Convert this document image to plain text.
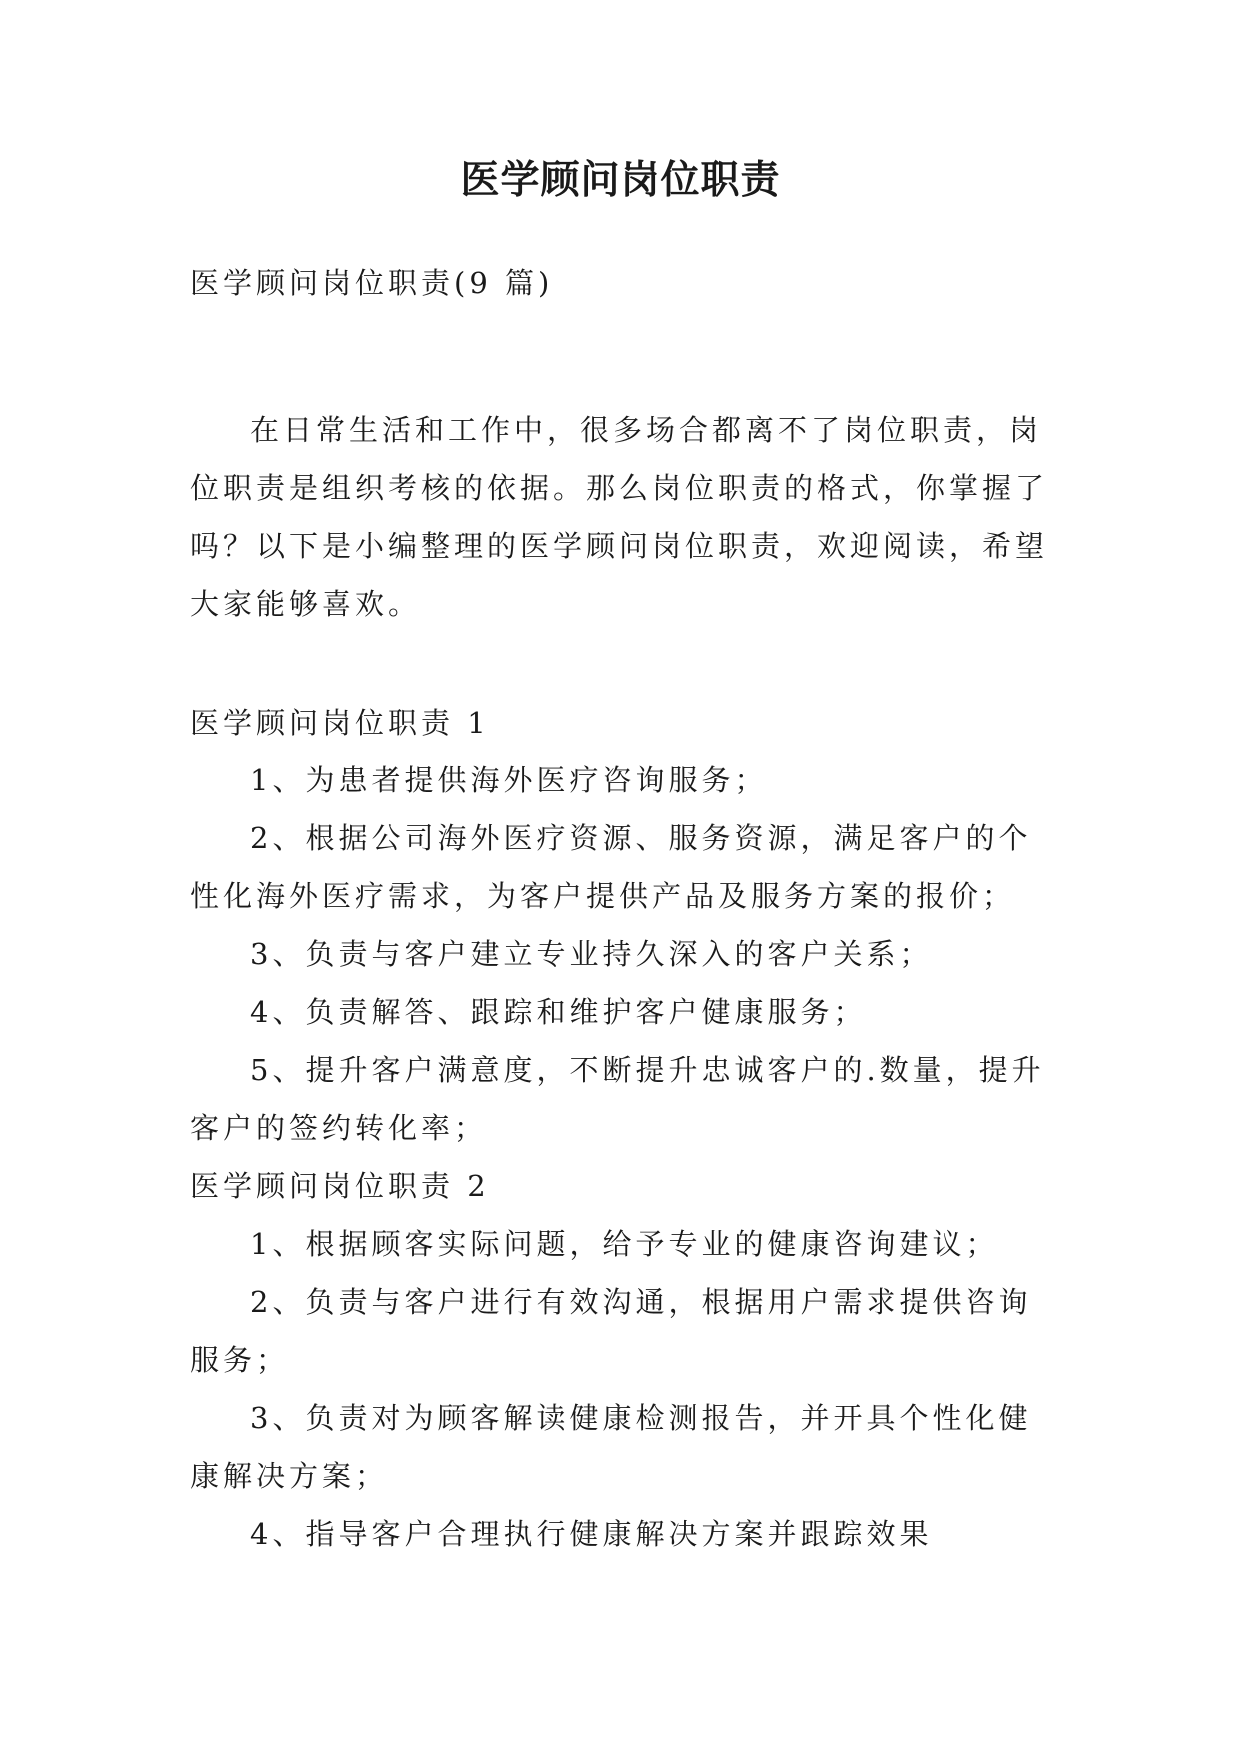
医学顾问岗位职责
医学顾问岗位职责(9 篇)
在日常生活和工作中，很多场合都离不了岗位职责，岗
位职责是组织考核的依据。那么岗位职责的格式，你掌握了
吗？以下是小编整理的医学顾问岗位职责，欢迎阅读，希望
大家能够喜欢。
医学顾问岗位职责 1
1、为患者提供海外医疗咨询服务；
2、根据公司海外医疗资源、服务资源，满足客户的个
性化海外医疗需求，为客户提供产品及服务方案的报价；
3、负责与客户建立专业持久深入的客户关系；
4、负责解答、跟踪和维护客户健康服务；
5、提升客户满意度，不断提升忠诚客户的.数量，提升
客户的签约转化率；
医学顾问岗位职责 2
1、根据顾客实际问题，给予专业的健康咨询建议；
2、负责与客户进行有效沟通，根据用户需求提供咨询
服务；
3、负责对为顾客解读健康检测报告，并开具个性化健
康解决方案；
4、指导客户合理执行健康解决方案并跟踪效果
